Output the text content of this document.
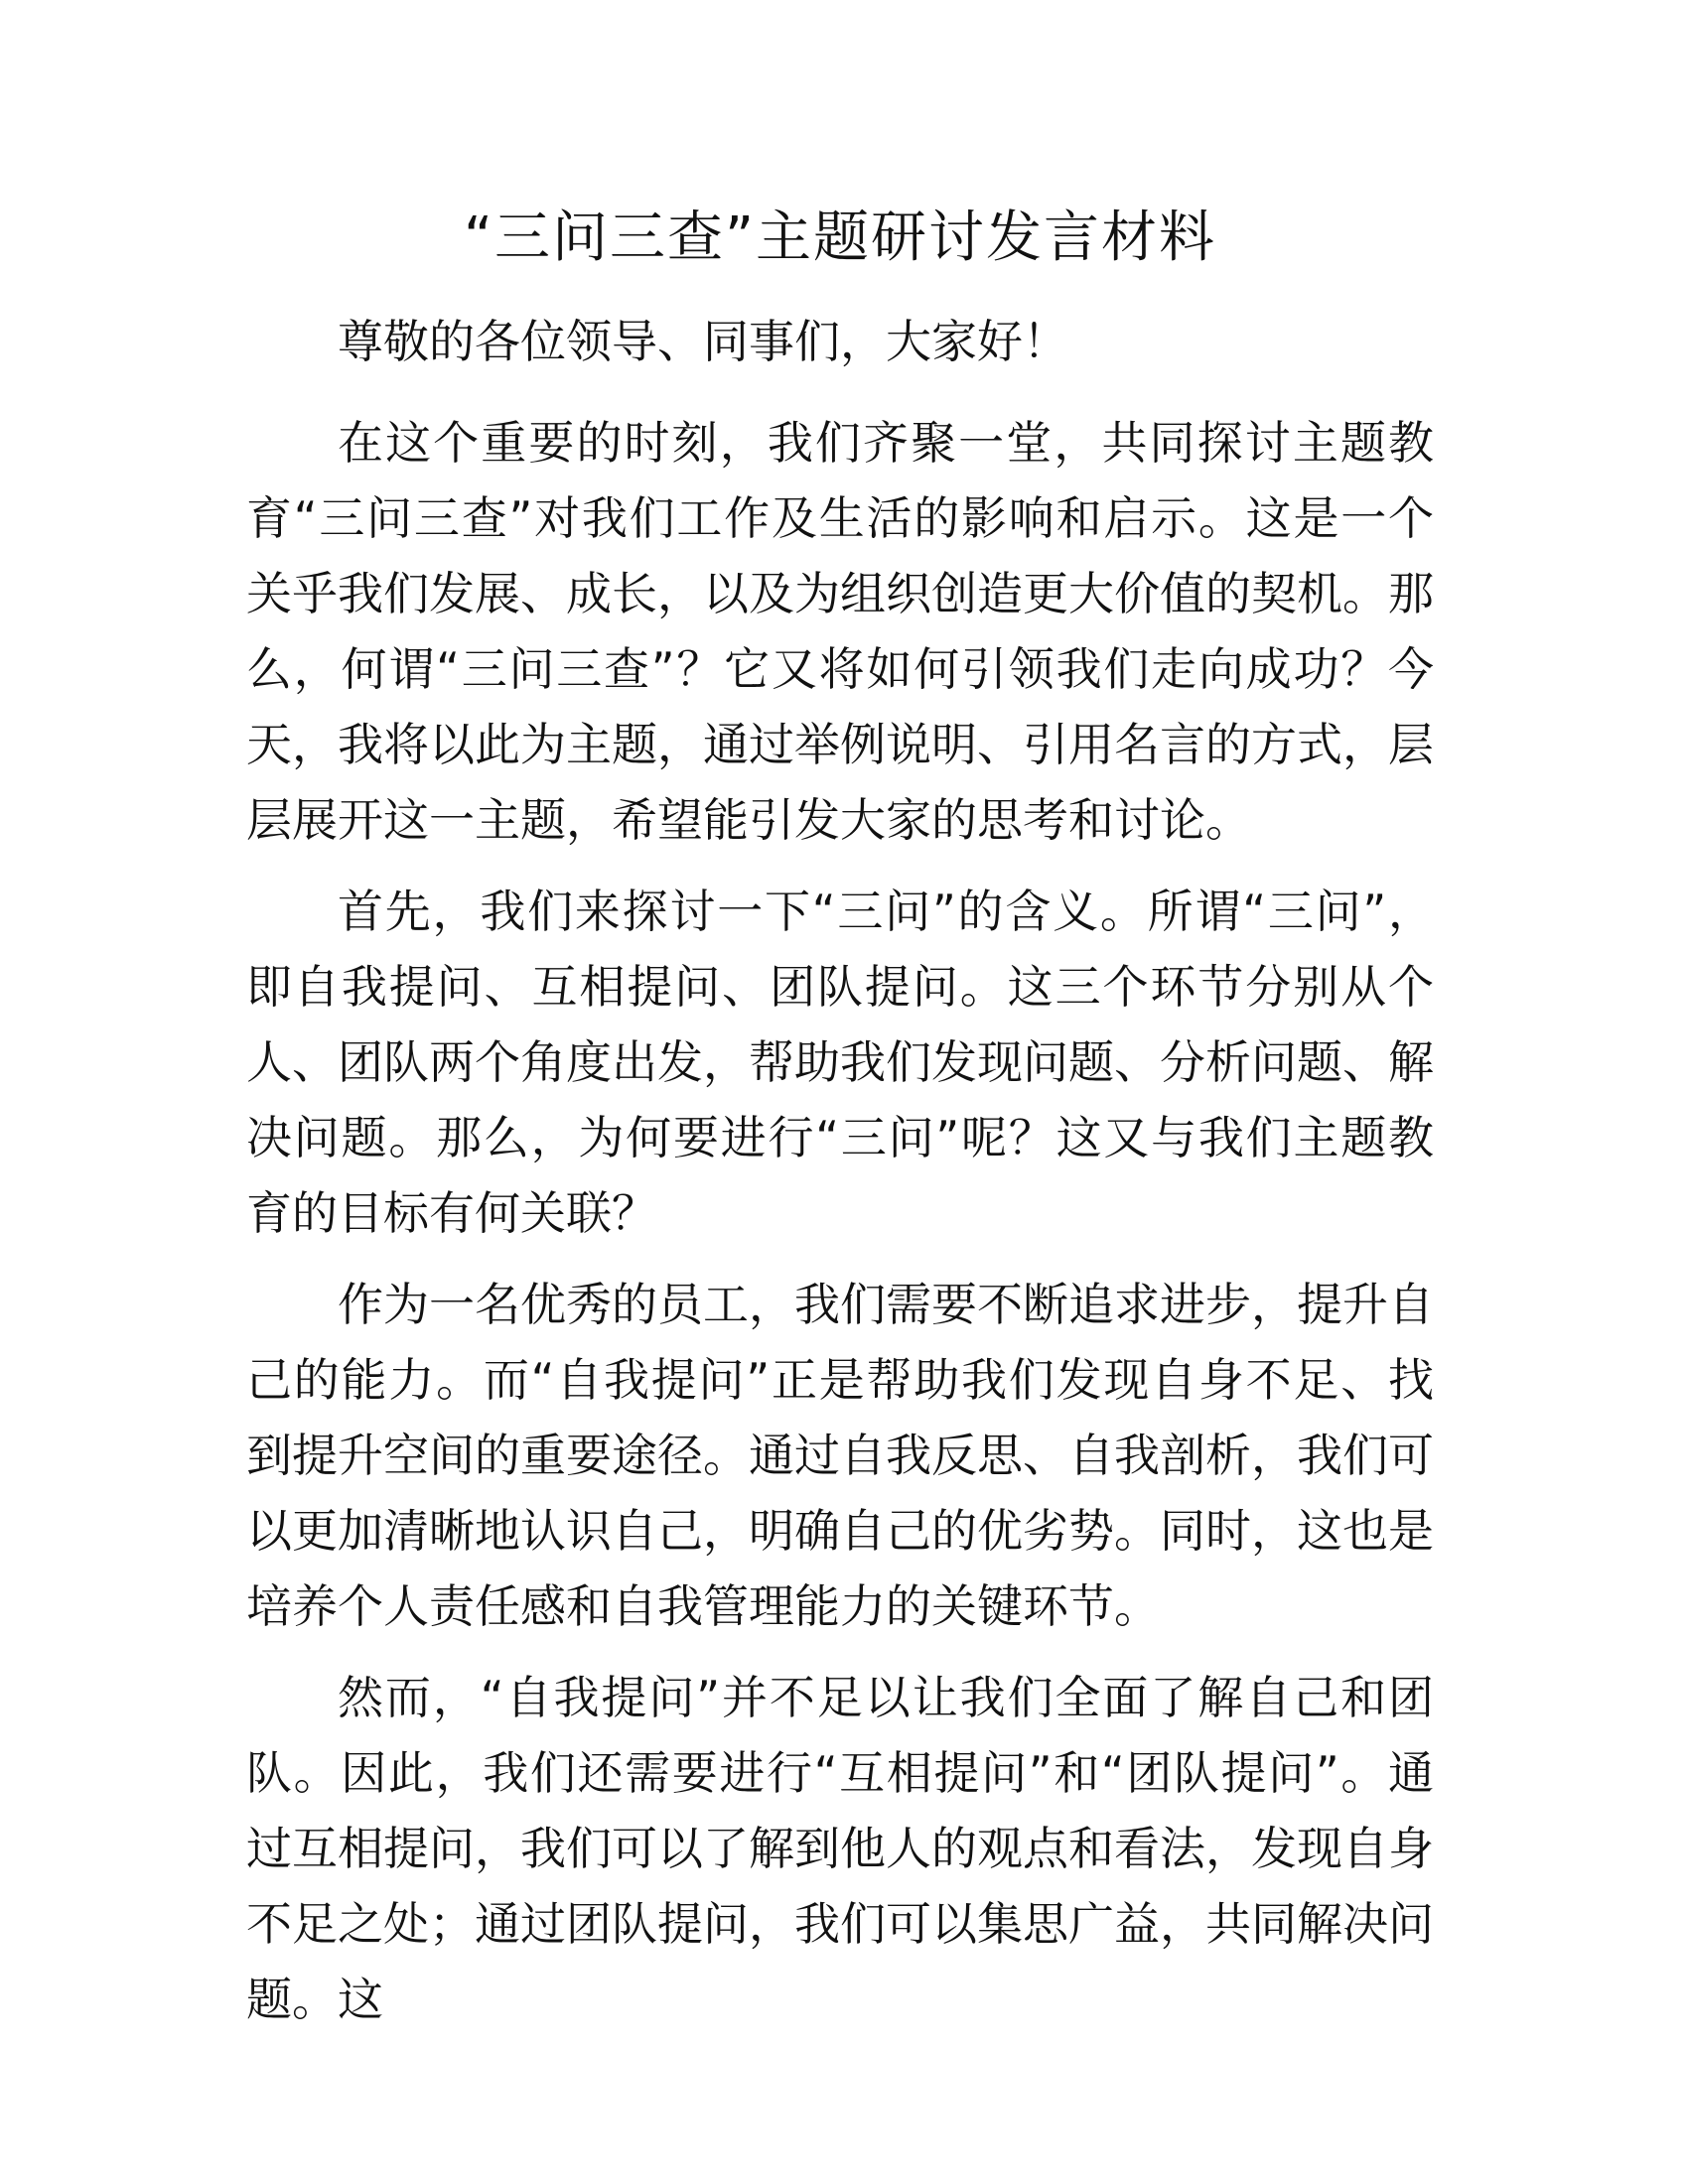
“三问三查”主题研讨发言材料

尊敬的各位领导、同事们，大家好！

在这个重要的时刻，我们齐聚一堂，共同探讨主题教育“三问三查”对我们工作及生活的影响和启示。这是一个关乎我们发展、成长，以及为组织创造更大价值的契机。那么，何谓“三问三查”？它又将如何引领我们走向成功？今天，我将以此为主题，通过举例说明、引用名言的方式，层层展开这一主题，希望能引发大家的思考和讨论。

首先，我们来探讨一下“三问”的含义。所谓“三问”，即自我提问、互相提问、团队提问。这三个环节分别从个人、团队两个角度出发，帮助我们发现问题、分析问题、解决问题。那么，为何要进行“三问”呢？这又与我们主题教育的目标有何关联？

作为一名优秀的员工，我们需要不断追求进步，提升自己的能力。而“自我提问”正是帮助我们发现自身不足、找到提升空间的重要途径。通过自我反思、自我剖析，我们可以更加清晰地认识自己，明确自己的优劣势。同时，这也是培养个人责任感和自我管理能力的关键环节。

然而，“自我提问”并不足以让我们全面了解自己和团队。因此，我们还需要进行“互相提问”和“团队提问”。通过互相提问，我们可以了解到他人的观点和看法，发现自身不足之处；通过团队提问，我们可以集思广益，共同解决问题。这
